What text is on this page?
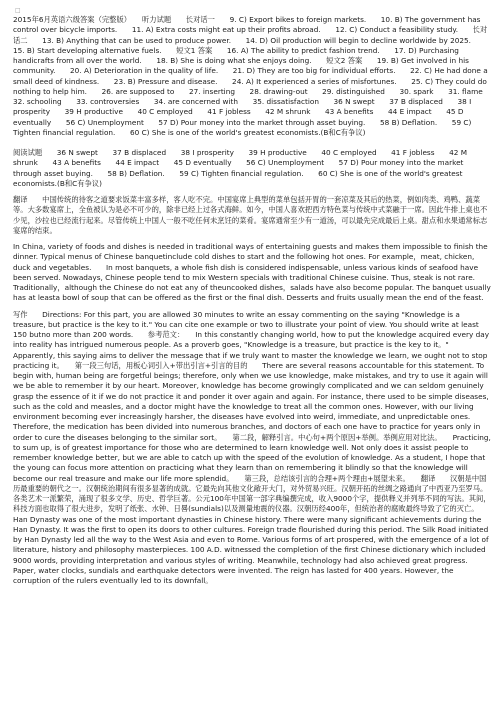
□

2015年6月英语六级答案（完整版）　　听力试题　　长对话一　　9. C) Export bikes to foreign markets.　　10. B) The government has control over bicycle imports.　　11. A) Extra costs might eat up their profits abroad.　　12. C) Conduct a feasibility study.　　长对话二　　13. B) Anything that can be used to produce power.　　14. D) Oil production will begin to decline worldwide by 2025.　　15. B) Start developing alternative fuels.　　短文1 答案　　16. A) The ability to predict fashion trend.　　17. D) Purchasing handicrafts from all over the world.　　18. B) She is doing what she enjoys doing.　　短文2 答案　　19. B) Get involved in his community.　　20. A) Deterioration in the quality of life.　　21. D) They are too big for individual efforts.　　22. C) He had done a small deed of kindness.　　23. B) Pressure and disease.　　24. A) It experienced a series of misfortunes.　　25. C) They could do nothing to help him.　　26. are supposed to　　27. inserting　　28. drawing-out　　29. distinguished　　30. spark　　31. flame　　32. schooling　　33. controversies　　34. are concerned with　　35. dissatisfaction　　36 N swept　　37 B displaced　　38 I prosperity　　39 H productive　　40 C employed　　41 F jobless　　42 M shrunk　　43 A benefits　　44 E impact　　45 D eventually　　56 C) Unemployment　　57 D) Pour money into the market through asset buying.　　58 B) Deflation.　　59 C) Tighten financial regulation.　　60 C) She is one of the world's greatest economists.(B和C有争议)

阅读试题　　36 N swept　　37 B displaced　　38 I prosperity　　39 H productive　　40 C employed　　41 F jobless　　42 M shrunk　　43 A benefits　　44 E impact　　45 D eventually　　56 C) Unemployment　　57 D) Pour money into the market through asset buying.　　58 B) Deflation.　　59 C) Tighten financial regulation.　　60 C) She is one of the world's greatest economists.(B和C有争议)

翻译　　中国传统的待客之道要求饭菜丰富多样，客人吃不完。中国宴席上典型的菜单包括开胃的一套凉菜及其后的热菜，例如肉类、鸡鸭、蔬菜等。大多数宴席上，全鱼被认为是必不可少的，除非已经上过各式海鲜。如今，中国人喜欢把西方特色菜与传统中式菜融于一席。因此牛排上桌也不少见，沙拉也已经流行起来。尽管传统上中国人一般不吃任何未烹饪的菜肴。宴席通常至少有一道汤，可以最先完成最后上桌。甜点和水果通常标志宴席的结束。

In China, variety of foods and dishes is needed in traditional ways of entertaining guests and makes them impossible to finish the dinner. Typical menus of Chinese banquetinclude cold dishes to start and the following hot ones. For example，meat, chicken, duck and vegetables.　　In most banquets, a whole fish dish is considered indispensable, unless various kinds of seafood have been served. Nowadays, Chinese people tend to mix Western specials with traditional Chinese cuisine. Thus, steak is not rare. Traditionally，although the Chinese do not eat any of theuncooked dishes，salads have also become popular. The banquet usually has at leasta bowl of soup that can be offered as the first or the final dish. Desserts and fruits usually mean the end of the feast.

写作　　Directions: For this part, you are allowed 30 minutes to write an essay commenting on the saying "Knowledge is a treasure, but practice is the key to it." You can cite one example or two to illustrate your point of view. You should write at least 150 butno more than 200 words.　　参考范文：　　In this constantly changing world, how to put the knowledge acquired every day into reality has intrigued numerous people. As a proverb goes, "Knowledge is a treasure, but practice is the key to it。" Apparently, this saying aims to deliver the message that if we truly want to master the knowledge we learn, we ought not to stop practicing it。　　第一段三句话，用板心词引入+带出引言+引言的目的　　There are several reasons accountable for this statement. To begin with, human being are forgetful beings; therefore, only when we use knowledge, make mistakes, and try to use it again will we be able to remember it by our heart. Moreover, knowledge has become growingly complicated and we can seldom genuinely grasp the essence of it if we do not practice it and ponder it over again and again. For instance, there used to be simple diseases, such as the cold and measles, and a doctor might have the knowledge to treat all the common ones. However, with our living environment becoming ever increasingly harsher, the diseases have evolved into weird, immediate, and unpredictable ones. Therefore, the medication has been divided into numerous branches, and doctors of each one have to practice for years only in order to cure the diseases belonging to the similar sort。　　第二段，解释引言。中心句+两个原因+举例。举例应用对比法。　　Practicing, to sum up, is of greatest importance for those who are determined to learn knowledge well. Not only does it assist people to remember knowledge better, but we are able to catch up with the speed of the evolution of knowledge. As a student, I hope that the young can focus more attention on practicing what they learn than on remembering it blindly so that the knowledge will become our real treasure and make our life more splendid。　　第三段，总结该引言的合理+两个理由+展望未来。　　翻译　　汉朝是中国历最重要的朝代之一。汉朝统治期间有很多显著的成就。它最先向其他文化敞开大门，对外贸易兴旺。汉朝开拓的丝绸之路通向了中西亚乃至罗马。各类艺术一派繁荣，涌现了很多文学、历史、哲学巨著。公元100年中国第一部字典编撰完成，收入9000个字，提供释义并列举不同的写法。其间，科技方面也取得了很大进步，发明了纸张、水钟、日晷(sundials)以及测量地震的仪器。汉朝历经400年，但统治者的腐败最终导致了它的灭亡。　　Han Dynasty was one of the most important dynasties in Chinese history. There were many significant achievements during the Han Dynasty. It was the first to open its doors to other cultures. Foreign trade flourished during this period. The Silk Road initiated by Han Dynasty led all the way to the West Asia and even to Rome. Various forms of art prospered, with the emergence of a lot of literature, history and philosophy masterpieces. 100 A.D. witnessed the completion of the first Chinese dictionary which included 9000 words, providing interpretation and various styles of writing. Meanwhile, technology had also achieved great progress. Paper, water clocks, sundials and earthquake detectors were invented. The reign has lasted for 400 years. However, the corruption of the rulers eventually led to its downfall。
